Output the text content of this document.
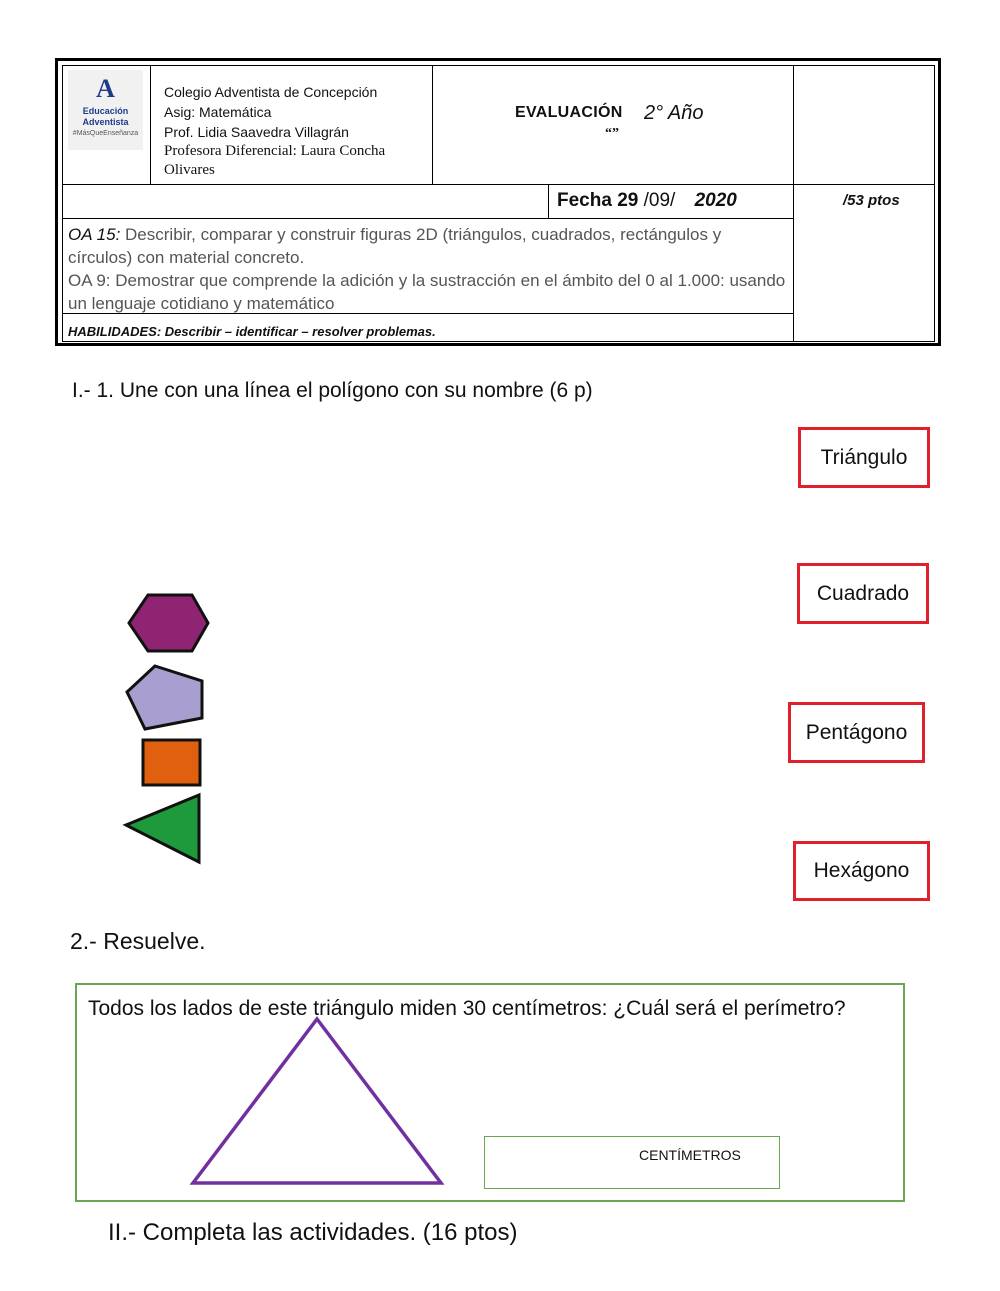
A
Educación
Adventista
#MásQueEnseñanza
Colegio Adventista de Concepción
Asig: Matemática
Prof. Lidia Saavedra Villagrán
Profesora Diferencial: Laura Concha Olivares
EVALUACIÓN 2° Año
“”
Fecha 29 /09/ 2020	/53 ptos
OA 15: Describir, comparar y construir figuras 2D (triángulos, cuadrados, rectángulos y círculos) con material concreto.
OA 9: Demostrar que comprende la adición y la sustracción en el ámbito del 0 al 1.000: usando un lenguaje cotidiano y matemático
HABILIDADES: Describir – identificar – resolver problemas.
I.- 1. Une con una línea el polígono con su nombre (6 p)
Triángulo
Cuadrado
Pentágono
Hexágono
2.- Resuelve.
Todos los lados de este triángulo miden 30 centímetros: ¿Cuál será el perímetro?
CENTÍMETROS
II.- Completa las actividades. (16 ptos)
